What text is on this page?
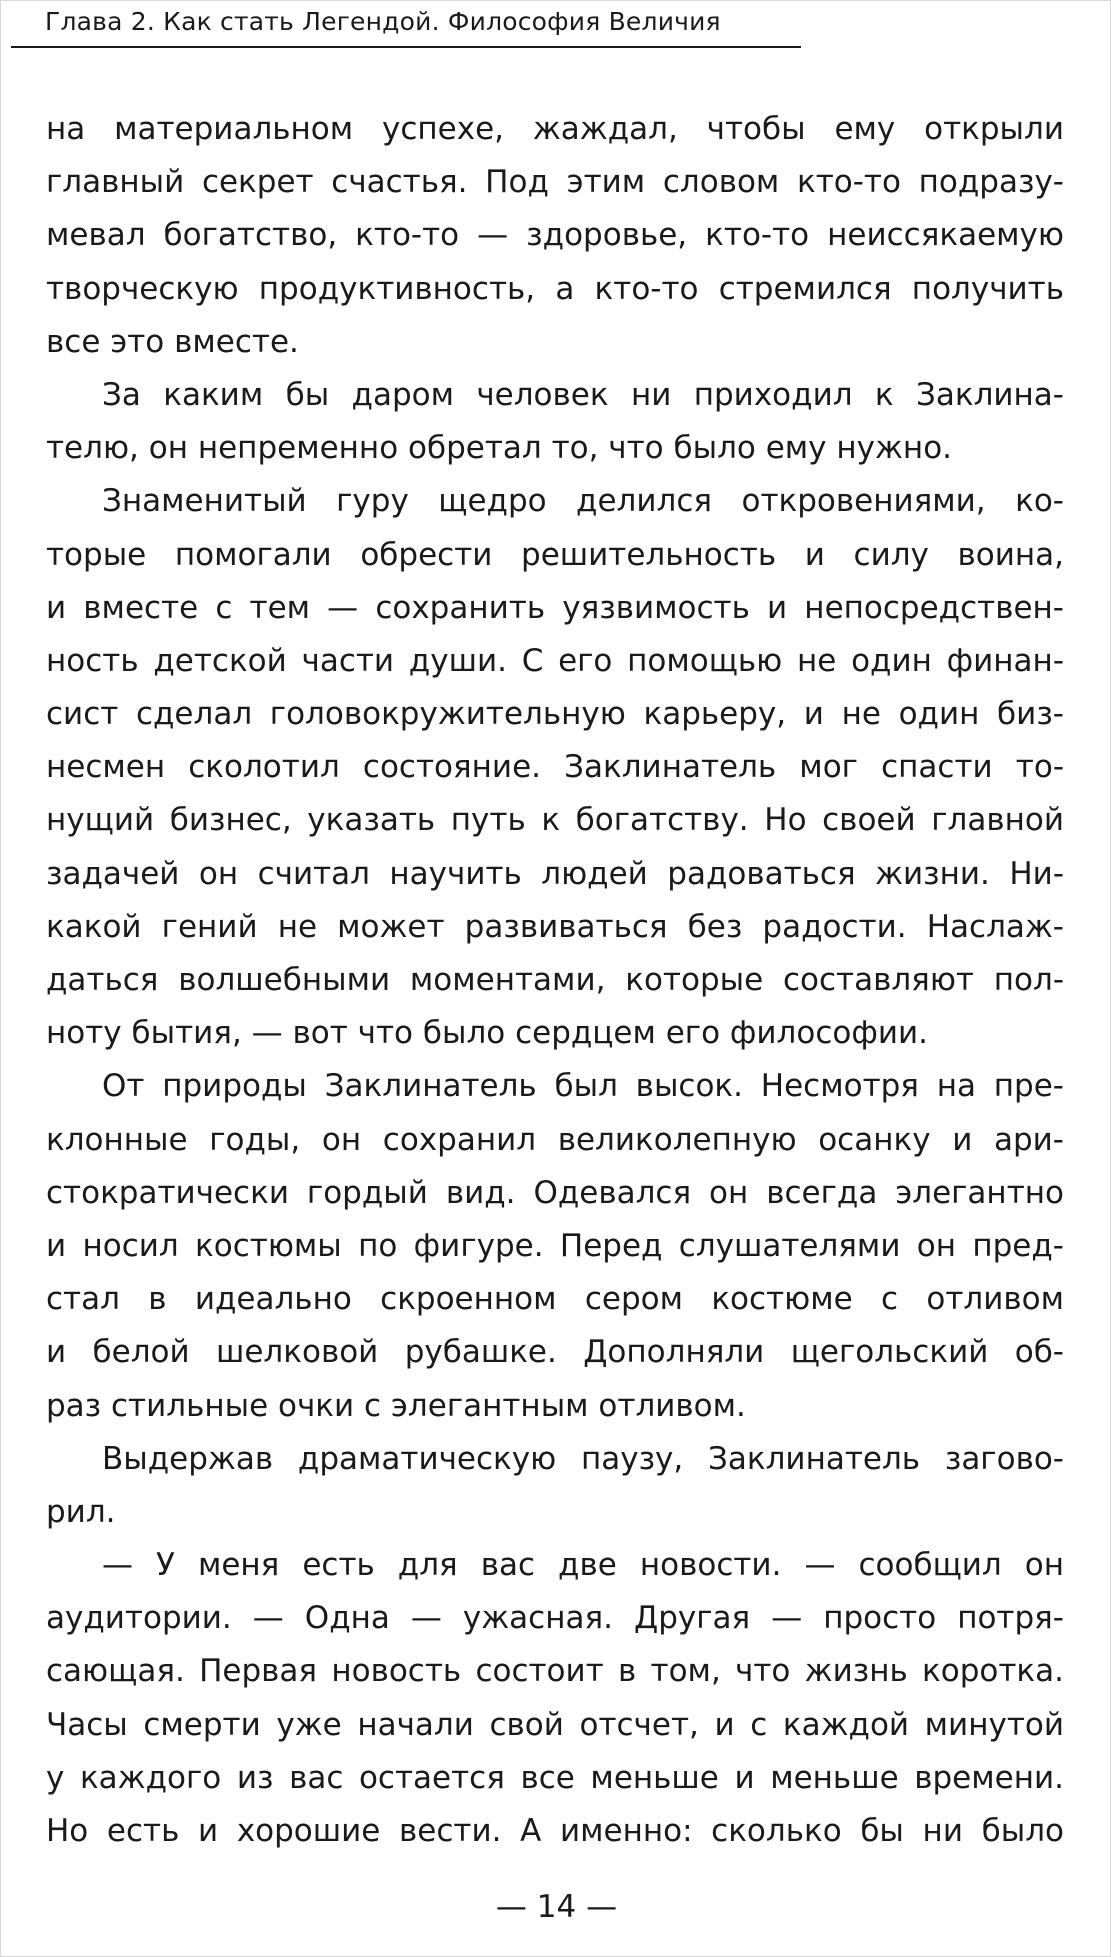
Глава 2. Как стать Легендой. Философия Величия
на материальном успехе, жаждал, чтобы ему открыли
главный секрет счастья. Под этим словом кто-то подразу-
мевал богатство, кто-то — здоровье, кто-то неиссякаемую
творческую продуктивность, а кто-то стремился получить
все это вместе.
За каким бы даром человек ни приходил к Заклина-
телю, он непременно обретал то, что было ему нужно.
Знаменитый гуру щедро делился откровениями, ко-
торые помогали обрести решительность и силу воина,
и вместе с тем — сохранить уязвимость и непосредствен-
ность детской части души. С его помощью не один финан-
сист сделал головокружительную карьеру, и не один биз-
несмен сколотил состояние. Заклинатель мог спасти то-
нущий бизнес, указать путь к богатству. Но своей главной
задачей он считал научить людей радоваться жизни. Ни-
какой гений не может развиваться без радости. Наслаж-
даться волшебными моментами, которые составляют пол-
ноту бытия, — вот что было сердцем его философии.
От природы Заклинатель был высок. Несмотря на пре-
клонные годы, он сохранил великолепную осанку и ари-
стократически гордый вид. Одевался он всегда элегантно
и носил костюмы по фигуре. Перед слушателями он пред-
стал в идеально скроенном сером костюме с отливом
и белой шелковой рубашке. Дополняли щегольский об-
раз стильные очки с элегантным отливом.
Выдержав драматическую паузу, Заклинатель загово-
рил.
— У меня есть для вас две новости. — сообщил он
аудитории. — Одна — ужасная. Другая — просто потря-
сающая. Первая новость состоит в том, что жизнь коротка.
Часы смерти уже начали свой отсчет, и с каждой минутой
у каждого из вас остается все меньше и меньше времени.
Но есть и хорошие вести. А именно: сколько бы ни было
— 14 —
